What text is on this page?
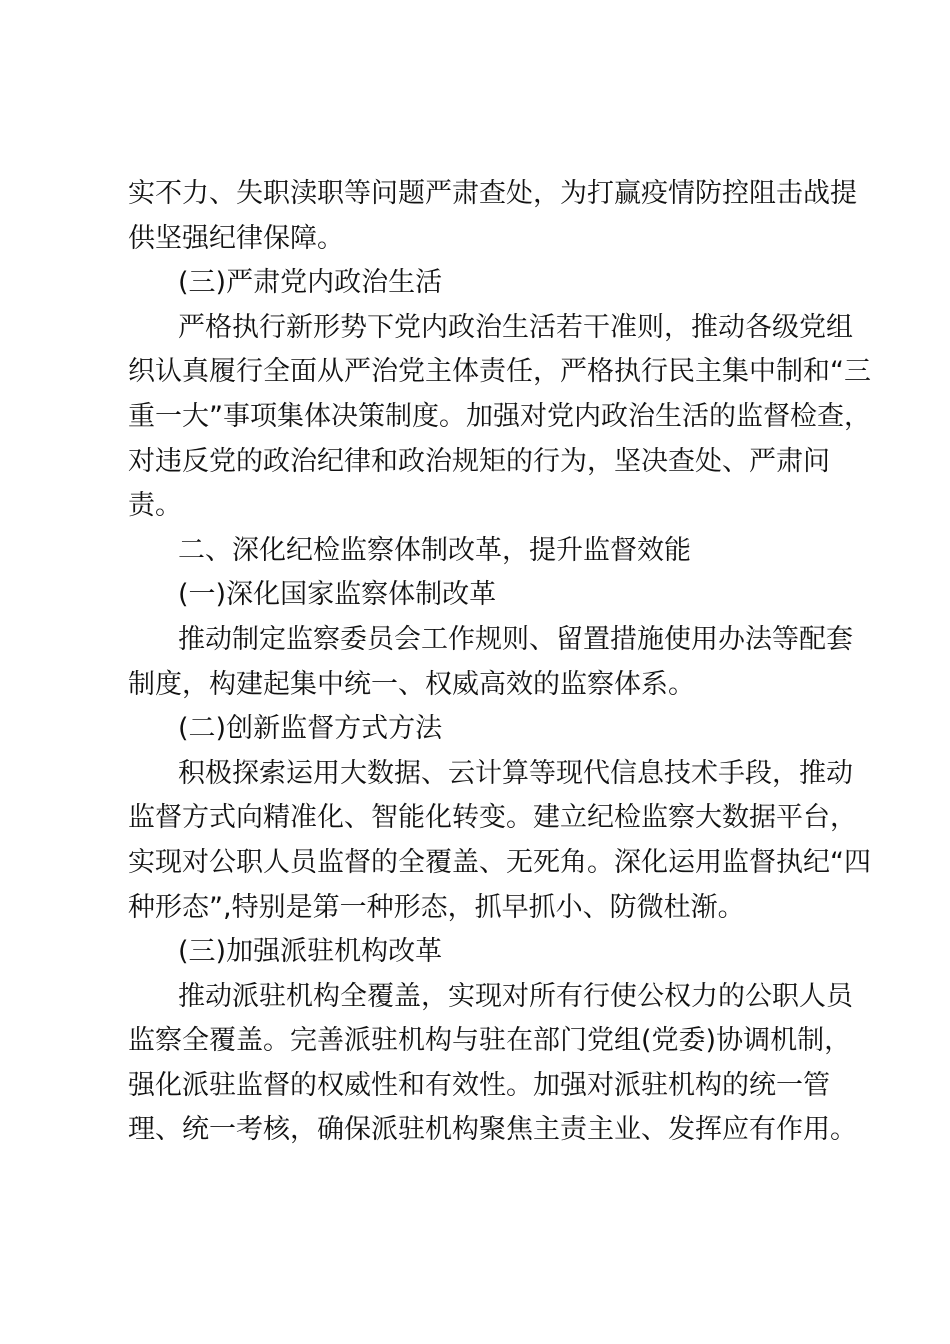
实不力、失职渎职等问题严肃查处，为打赢疫情防控阻击战提
供坚强纪律保障。
(三)严肃党内政治生活
严格执行新形势下党内政治生活若干准则，推动各级党组
织认真履行全面从严治党主体责任，严格执行民主集中制和“三
重一大”事项集体决策制度。加强对党内政治生活的监督检查，
对违反党的政治纪律和政治规矩的行为，坚决查处、严肃问
责。
二、深化纪检监察体制改革，提升监督效能
(一)深化国家监察体制改革
推动制定监察委员会工作规则、留置措施使用办法等配套
制度，构建起集中统一、权威高效的监察体系。
(二)创新监督方式方法
积极探索运用大数据、云计算等现代信息技术手段，推动
监督方式向精准化、智能化转变。建立纪检监察大数据平台，
实现对公职人员监督的全覆盖、无死角。深化运用监督执纪“四
种形态”,特别是第一种形态，抓早抓小、防微杜渐。
(三)加强派驻机构改革
推动派驻机构全覆盖，实现对所有行使公权力的公职人员
监察全覆盖。完善派驻机构与驻在部门党组(党委)协调机制，
强化派驻监督的权威性和有效性。加强对派驻机构的统一管
理、统一考核，确保派驻机构聚焦主责主业、发挥应有作用。
